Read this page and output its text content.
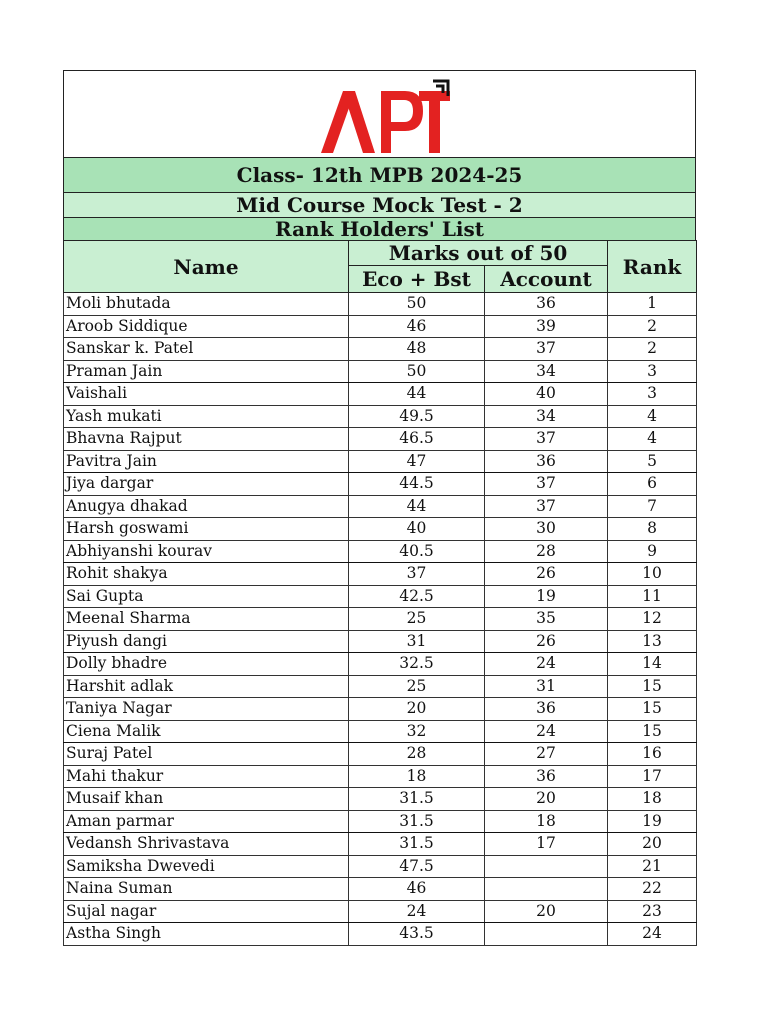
Class- 12th MPB 2024-25
Mid Course Mock Test - 2
Rank Holders' List
Name	Marks out of 50		Rank
	Eco + Bst	Account	
Moli bhutada	50	36	1
Aroob Siddique	46	39	2
Sanskar k. Patel	48	37	2
Praman Jain	50	34	3
Vaishali	44	40	3
Yash mukati	49.5	34	4
Bhavna Rajput	46.5	37	4
Pavitra Jain	47	36	5
Jiya dargar	44.5	37	6
Anugya dhakad	44	37	7
Harsh goswami	40	30	8
Abhiyanshi kourav	40.5	28	9
Rohit shakya	37	26	10
Sai Gupta	42.5	19	11
Meenal Sharma	25	35	12
Piyush dangi	31	26	13
Dolly bhadre	32.5	24	14
Harshit adlak	25	31	15
Taniya Nagar	20	36	15
Ciena Malik	32	24	15
Suraj Patel	28	27	16
Mahi thakur	18	36	17
Musaif khan	31.5	20	18
Aman parmar	31.5	18	19
Vedansh Shrivastava	31.5	17	20
Samiksha Dwevedi	47.5		21
Naina Suman	46		22
Sujal nagar	24	20	23
Astha Singh	43.5		24
